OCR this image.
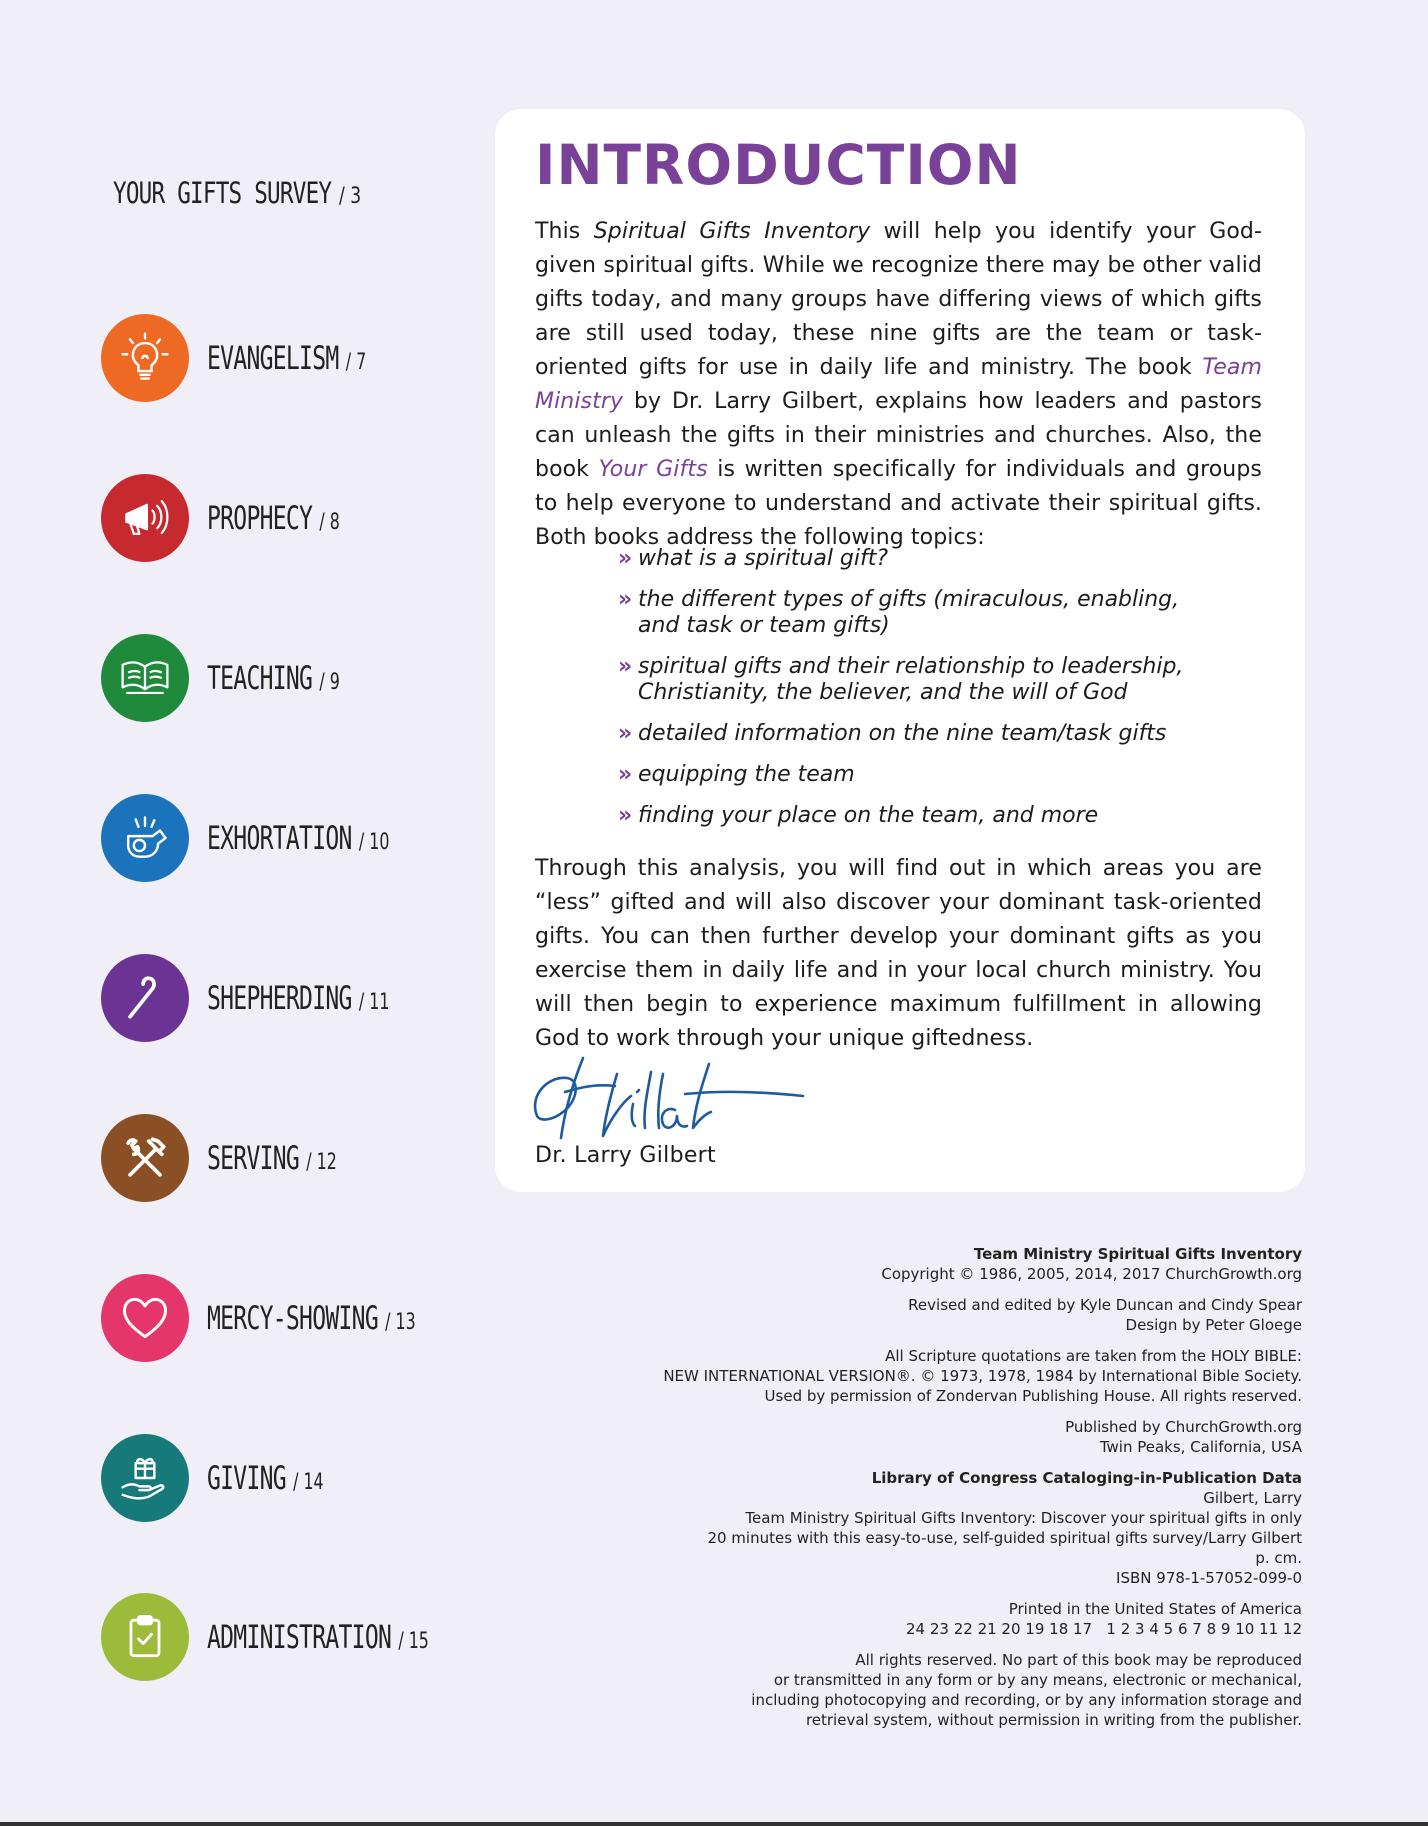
YOUR GIFTS SURVEY / 3
EVANGELISM / 7
PROPHECY / 8
TEACHING / 9
EXHORTATION / 10
SHEPHERDING / 11
SERVING / 12
MERCY-SHOWING / 13
GIVING / 14
ADMINISTRATION / 15
INTRODUCTION

This Spiritual Gifts Inventory will help you identify your God-given spiritual gifts. While we recognize there may be other valid gifts today, and many groups have differing views of which gifts are still used today, these nine gifts are the team or task-oriented gifts for use in daily life and ministry. The book Team Ministry by Dr. Larry Gilbert, explains how leaders and pastors can unleash the gifts in their ministries and churches. Also, the book Your Gifts is written specifically for individuals and groups to help everyone to understand and activate their spiritual gifts. Both books address the following topics:

» what is a spiritual gift?
» the different types of gifts (miraculous, enabling, and task or team gifts)
» spiritual gifts and their relationship to leadership, Christianity, the believer, and the will of God
» detailed information on the nine team/task gifts
» equipping the team
» finding your place on the team, and more

Through this analysis, you will find out in which areas you are “less” gifted and will also discover your dominant task-oriented gifts. You can then further develop your dominant gifts as you exercise them in daily life and in your local church ministry. You will then begin to experience maximum fulfillment in allowing God to work through your unique giftedness.

Dr. Larry Gilbert
Team Ministry Spiritual Gifts Inventory
Copyright © 1986, 2005, 2014, 2017 ChurchGrowth.org
Revised and edited by Kyle Duncan and Cindy Spear
Design by Peter Gloege
All Scripture quotations are taken from the HOLY BIBLE:
NEW INTERNATIONAL VERSION®. © 1973, 1978, 1984 by International Bible Society.
Used by permission of Zondervan Publishing House. All rights reserved.
Published by ChurchGrowth.org
Twin Peaks, California, USA
Library of Congress Cataloging-in-Publication Data
Gilbert, Larry
Team Ministry Spiritual Gifts Inventory: Discover your spiritual gifts in only
20 minutes with this easy-to-use, self-guided spiritual gifts survey/Larry Gilbert
p. cm.
ISBN 978-1-57052-099-0
Printed in the United States of America
24 23 22 21 20 19 18 17   1 2 3 4 5 6 7 8 9 10 11 12
All rights reserved. No part of this book may be reproduced
or transmitted in any form or by any means, electronic or mechanical,
including photocopying and recording, or by any information storage and
retrieval system, without permission in writing from the publisher.
